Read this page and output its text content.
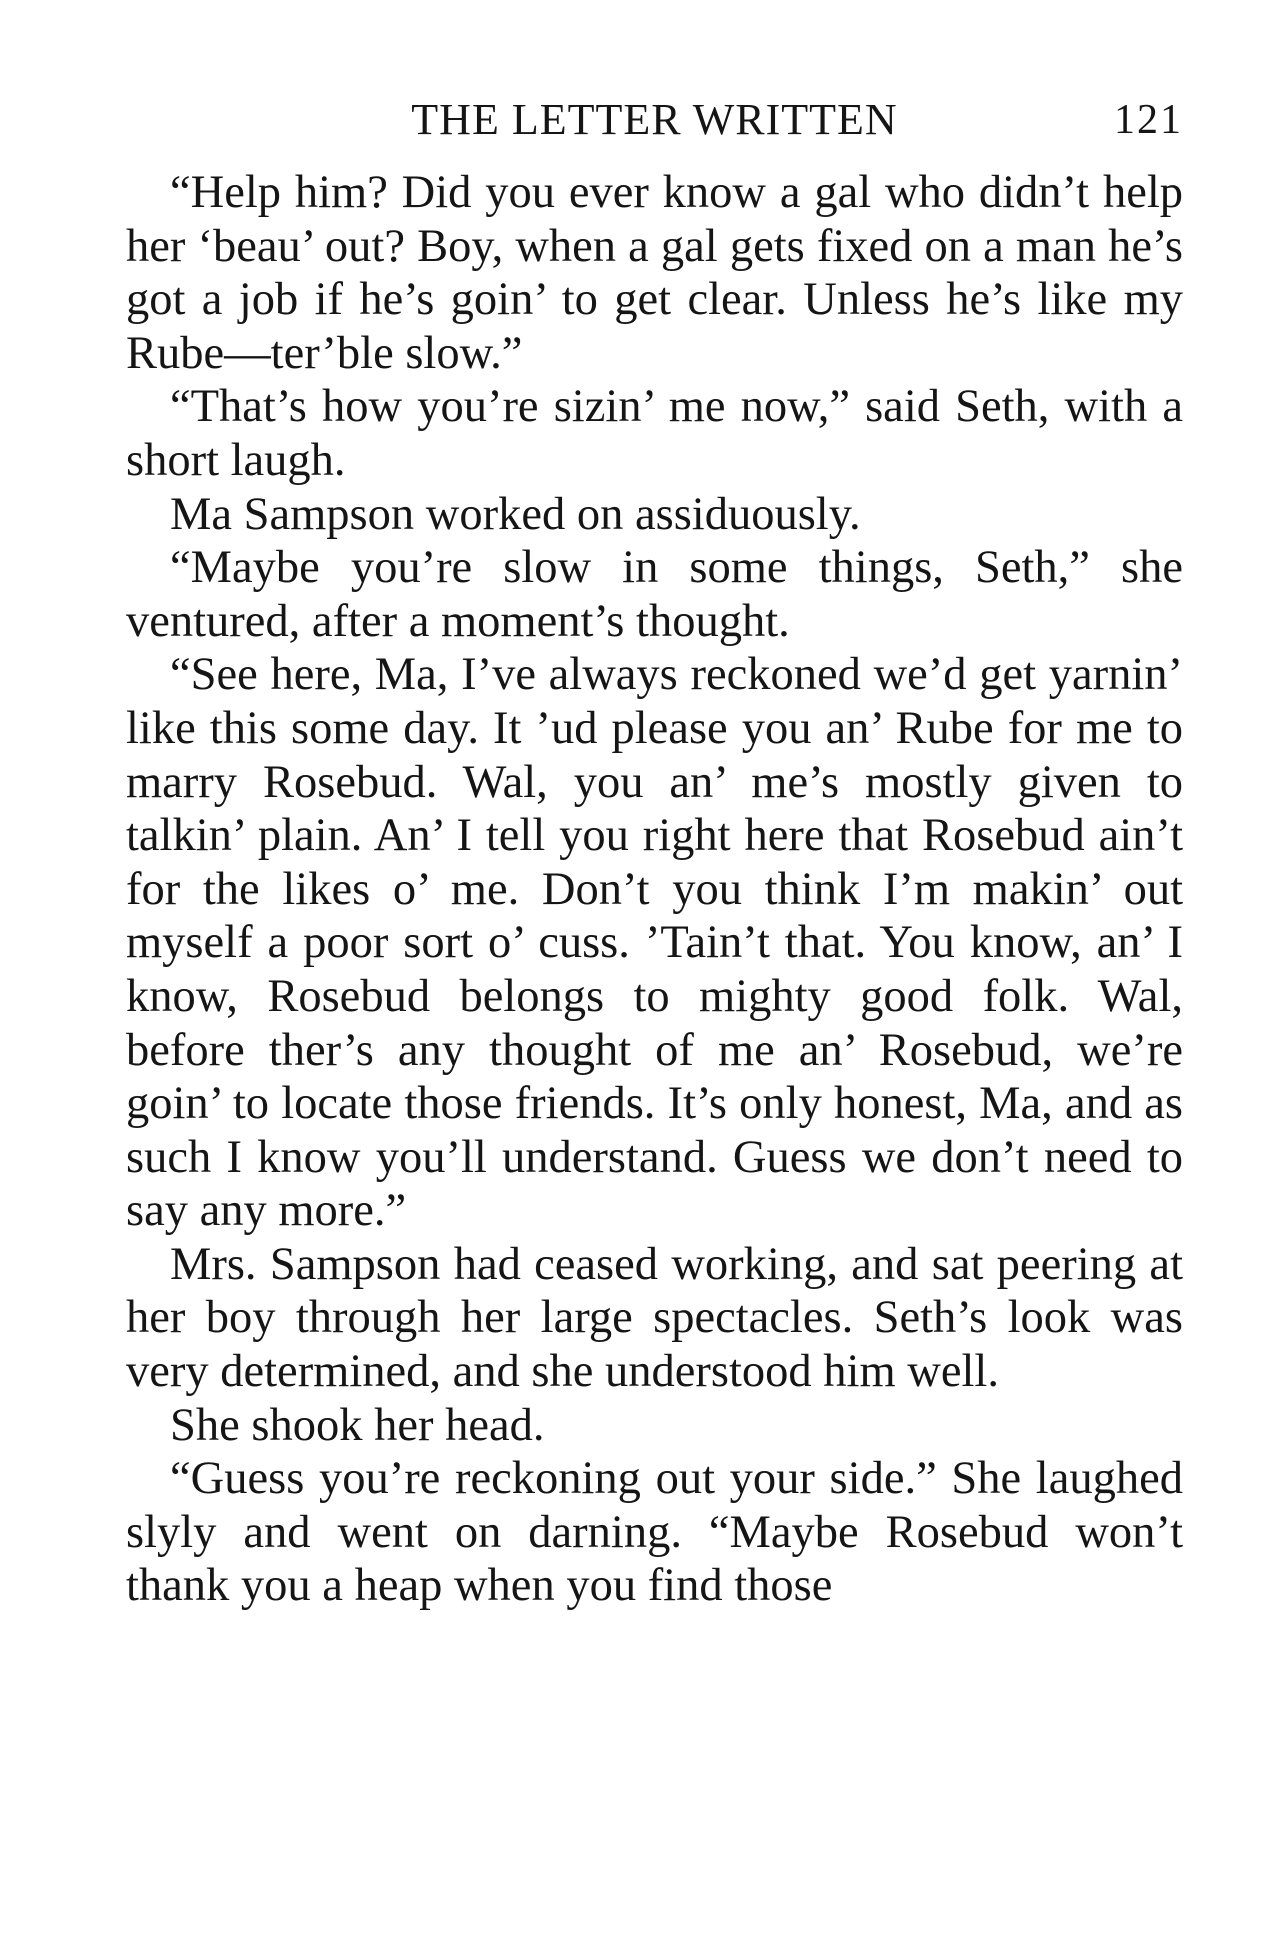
THE LETTER WRITTEN	121

“Help him? Did you ever know a gal who didn’t help her ‘beau’ out? Boy, when a gal gets fixed on a man he’s got a job if he’s goin’ to get clear. Unless he’s like my Rube—ter’ble slow.”

“That’s how you’re sizin’ me now,” said Seth, with a short laugh.

Ma Sampson worked on assiduously.

“Maybe you’re slow in some things, Seth,” she ventured, after a moment’s thought.

“See here, Ma, I’ve always reckoned we’d get yarnin’ like this some day. It ’ud please you an’ Rube for me to marry Rosebud. Wal, you an’ me’s mostly given to talkin’ plain. An’ I tell you right here that Rosebud ain’t for the likes o’ me. Don’t you think I’m makin’ out myself a poor sort o’ cuss. ’Tain’t that. You know, an’ I know, Rosebud belongs to mighty good folk. Wal, before ther’s any thought of me an’ Rosebud, we’re goin’ to locate those friends. It’s only honest, Ma, and as such I know you’ll understand. Guess we don’t need to say any more.”

Mrs. Sampson had ceased working, and sat peering at her boy through her large spectacles. Seth’s look was very determined, and she understood him well.

She shook her head.

“Guess you’re reckoning out your side.” She laughed slyly and went on darning. “Maybe Rosebud won’t thank you a heap when you find those
